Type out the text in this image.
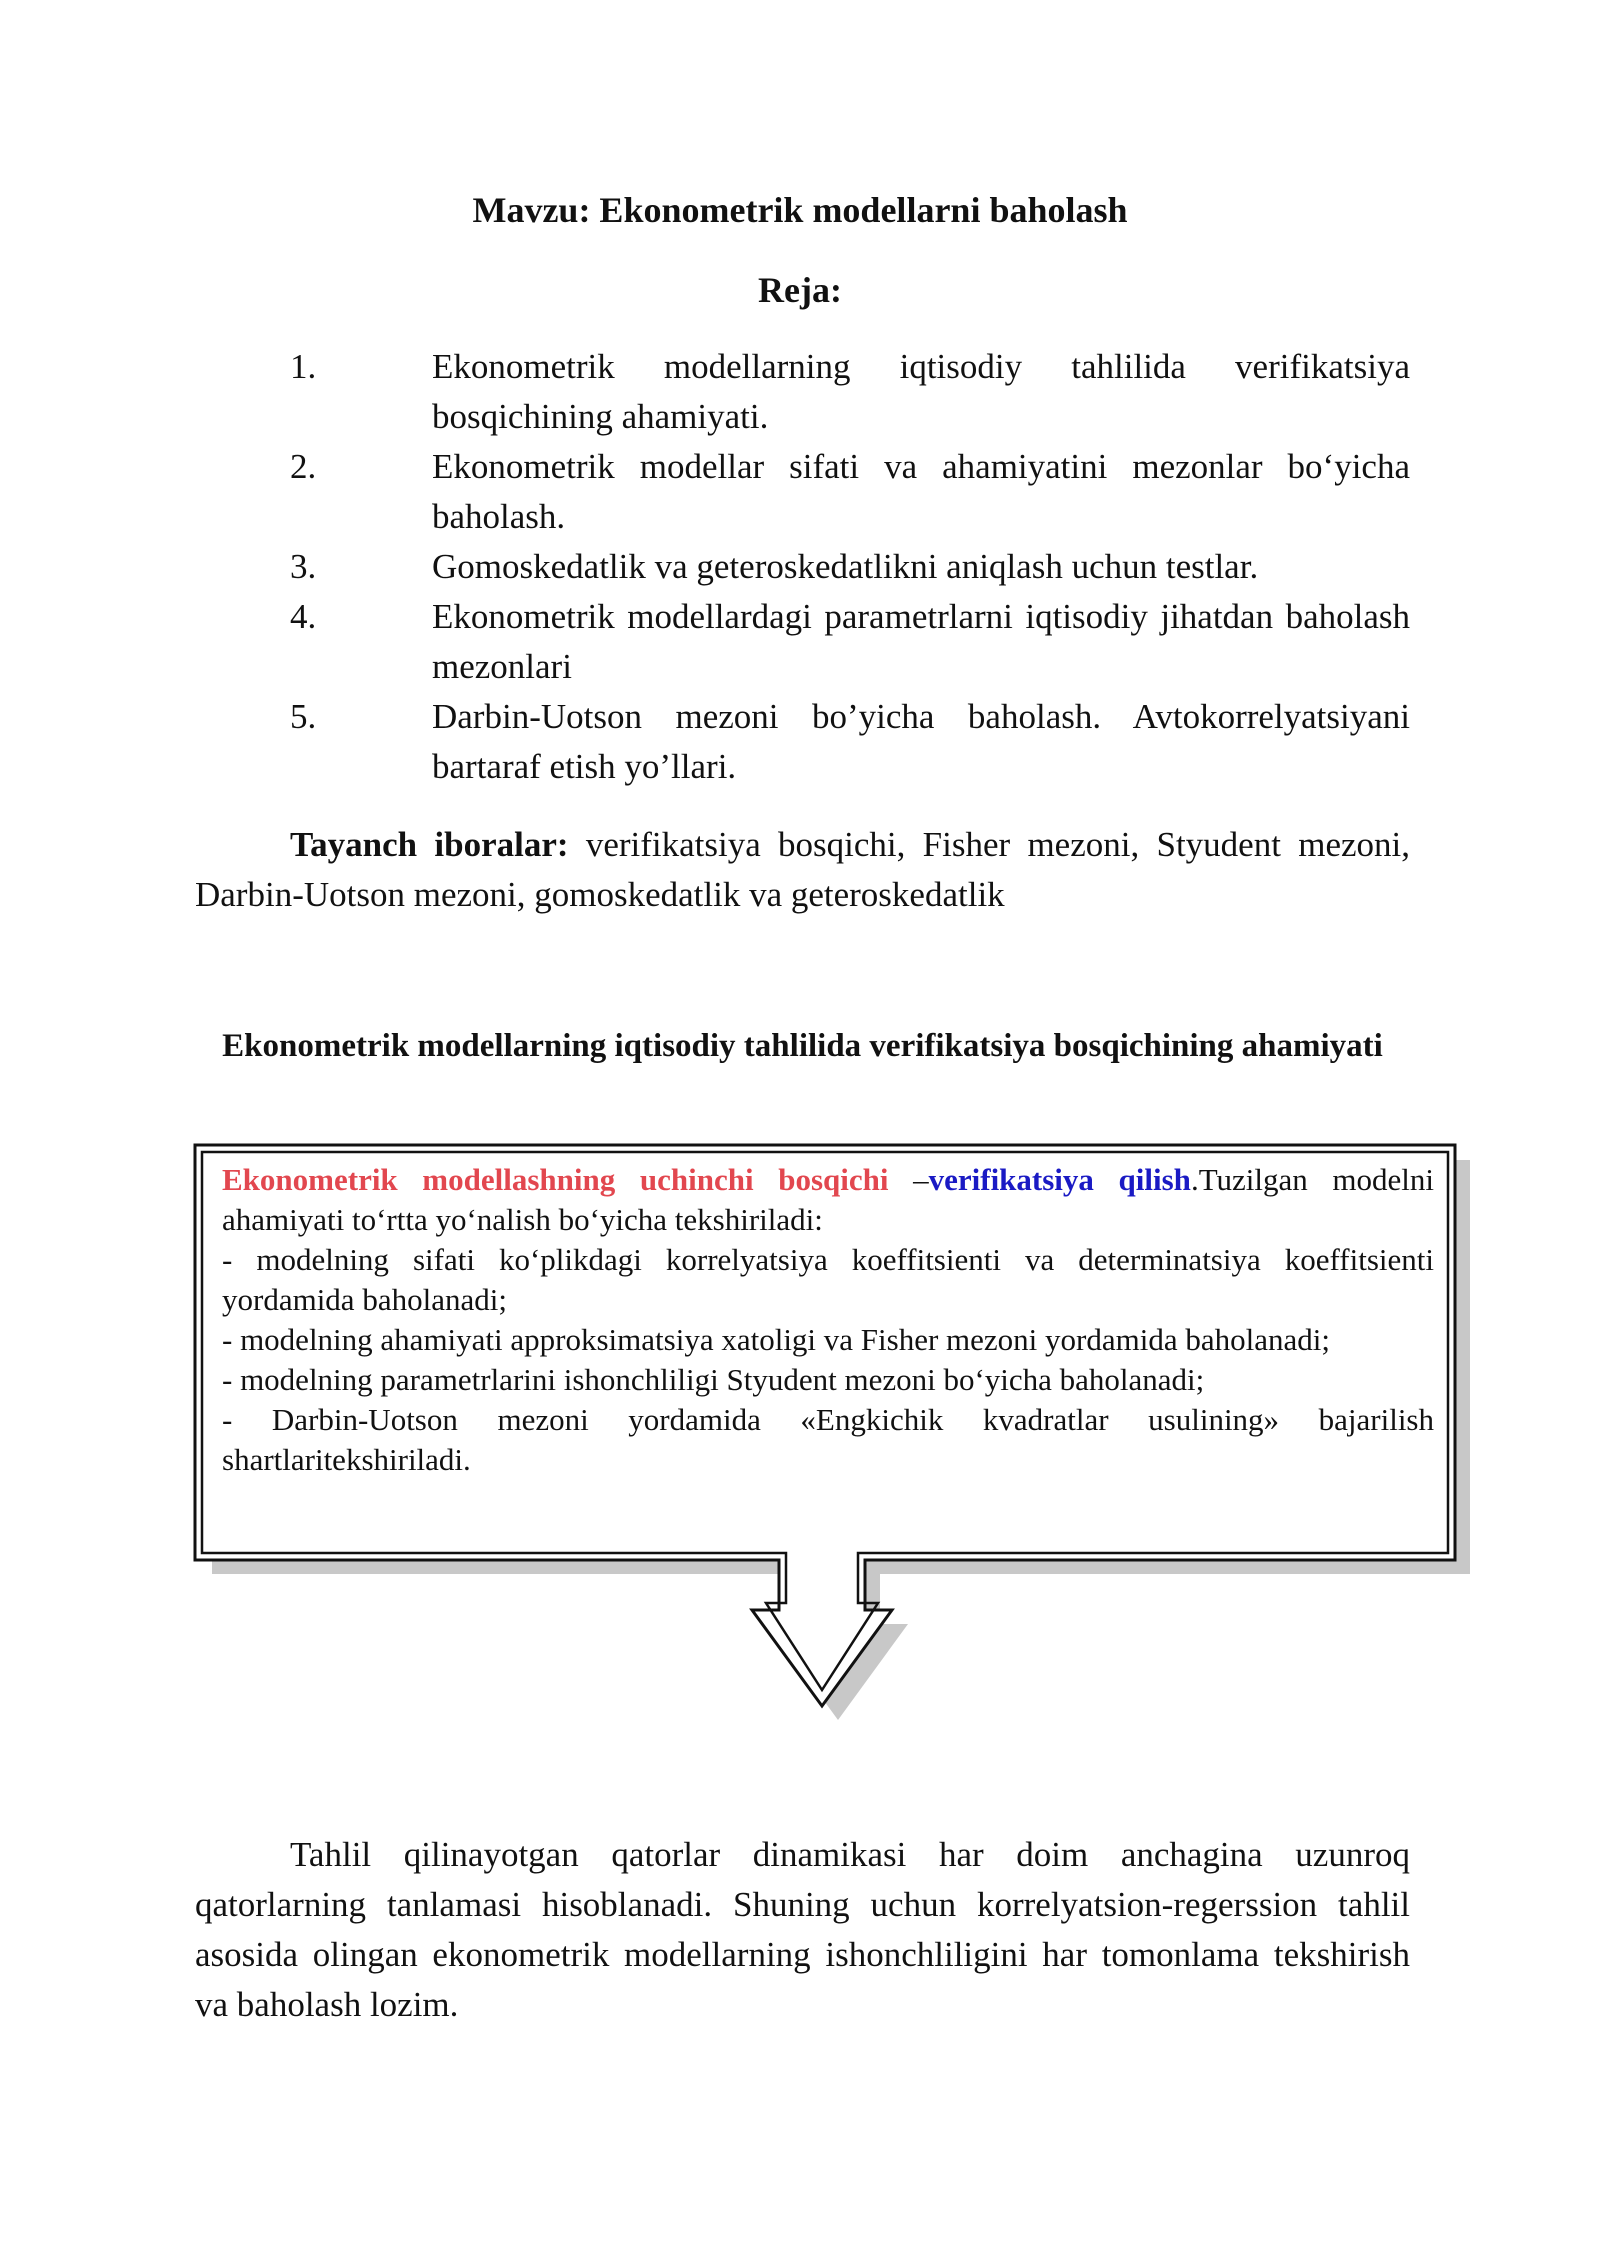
Mavzu: Ekonometrik modellarni baholash
Reja:
1.	Ekonometrik modellarning iqtisodiy tahlilida verifikatsiya bosqichining ahamiyati.
2.	Ekonometrik modellar sifati va ahamiyatini mezonlar bo‘yicha baholash.
3.	Gomoskedatlik va geteroskedatlikni aniqlash uchun testlar.
4.	Ekonometrik modellardagi parametrlarni iqtisodiy jihatdan baholash mezonlari
5.	Darbin-Uotson mezoni bo’yicha baholash. Avtokorrelyatsiyani bartaraf etish yo’llari.

Tayanch iboralar: verifikatsiya bosqichi, Fisher mezoni, Styudent mezoni, Darbin-Uotson mezoni, gomoskedatlik va geteroskedatlik

Ekonometrik modellarning iqtisodiy tahlilida verifikatsiya bosqichining ahamiyati

Ekonometrik modellashning uchinchi bosqichi –verifikatsiya qilish.Tuzilgan modelni ahamiyati to‘rtta yo‘nalish bo‘yicha tekshiriladi:
- modelning sifati ko‘plikdagi korrelyatsiya koeffitsienti va determinatsiya koeffitsienti yordamida baholanadi;
- modelning ahamiyati approksimatsiya xatoligi va Fisher mezoni yordamida baholanadi;
- modelning parametrlarini ishonchliligi Styudent mezoni bo‘yicha baholanadi;
- Darbin-Uotson mezoni yordamida «Engkichik kvadratlar usulining» bajarilish shartlaritekshiriladi.

Tahlil qilinayotgan qatorlar dinamikasi har doim anchagina uzunroq qatorlarning tanlamasi hisoblanadi. Shuning uchun korrelyatsion-regerssion tahlil asosida olingan ekonometrik modellarning ishonchliligini har tomonlama tekshirish va baholash lozim.
